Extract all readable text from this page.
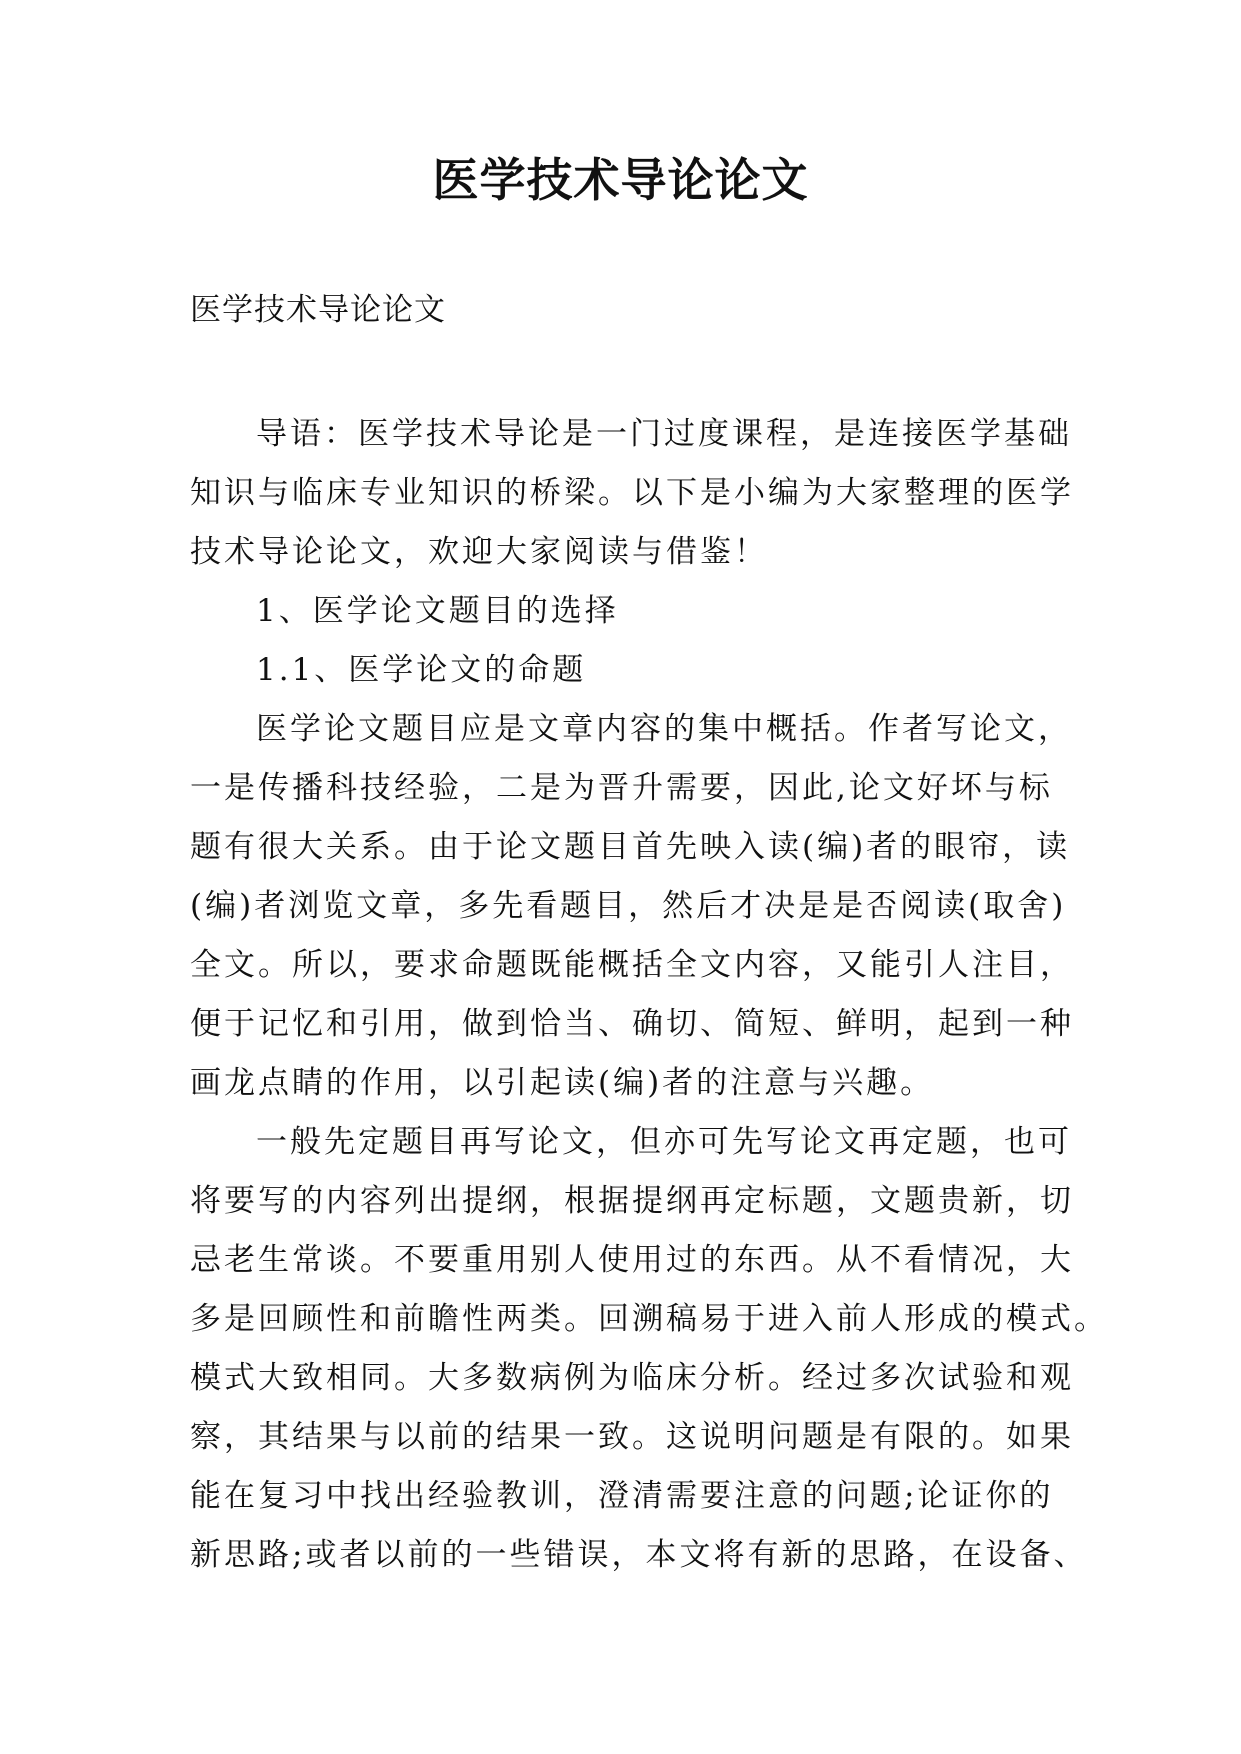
医学技术导论论文
医学技术导论论文
导语：医学技术导论是一门过度课程，是连接医学基础
知识与临床专业知识的桥梁。以下是小编为大家整理的医学
技术导论论文，欢迎大家阅读与借鉴！
1、医学论文题目的选择
1.1、医学论文的命题
医学论文题目应是文章内容的集中概括。作者写论文，
一是传播科技经验，二是为晋升需要，因此,论文好坏与标
题有很大关系。由于论文题目首先映入读(编)者的眼帘，读
(编)者浏览文章，多先看题目，然后才决是是否阅读(取舍)
全文。所以，要求命题既能概括全文内容，又能引人注目，
便于记忆和引用，做到恰当、确切、简短、鲜明，起到一种
画龙点睛的作用，以引起读(编)者的注意与兴趣。
一般先定题目再写论文，但亦可先写论文再定题，也可
将要写的内容列出提纲，根据提纲再定标题，文题贵新，切
忌老生常谈。不要重用别人使用过的东西。从不看情况，大
多是回顾性和前瞻性两类。回溯稿易于进入前人形成的模式。
模式大致相同。大多数病例为临床分析。经过多次试验和观
察，其结果与以前的结果一致。这说明问题是有限的。如果
能在复习中找出经验教训，澄清需要注意的问题;论证你的
新思路;或者以前的一些错误，本文将有新的思路，在设备、
